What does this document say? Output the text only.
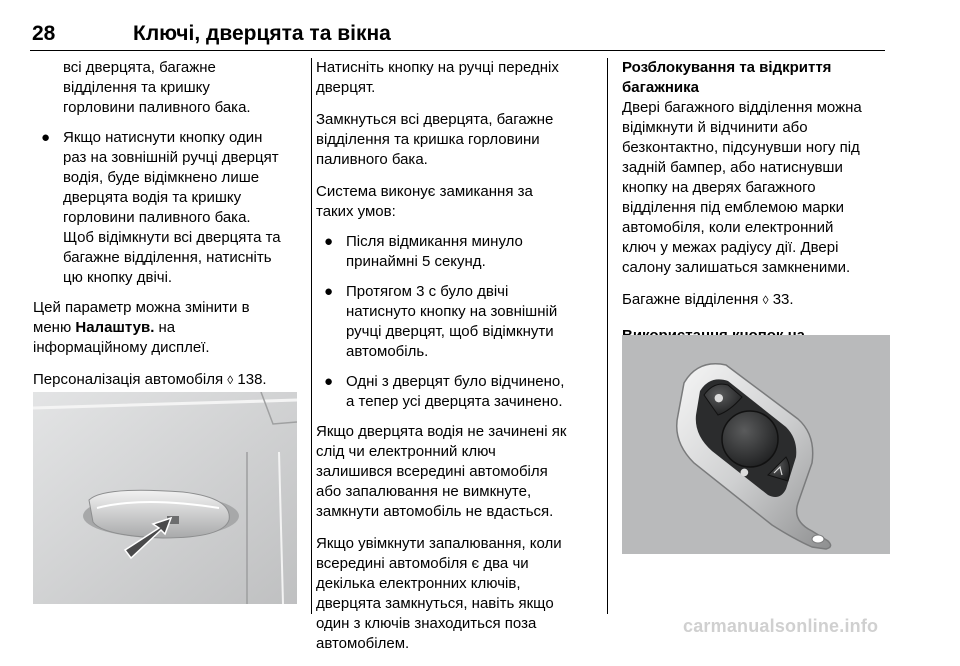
28	Ключі, дверцята та вікна
всі дверцята, багажне
відділення та кришку
горловини паливного бака.
● Якщо натиснути кнопку один
раз на зовнішній ручці дверцят
водія, буде відімкнено лише
дверцята водія та кришку
горловини паливного бака.
Щоб відімкнути всі дверцята та
багажне відділення, натисніть
цю кнопку двічі.

Цей параметр можна змінити в
меню Налаштув. на
інформаційному дисплеї.

Персоналізація автомобіля ◊ 138.

Натисніть кнопку на ручці передніх
дверцят.

Замкнуться всі дверцята, багажне
відділення та кришка горловини
паливного бака.

Система виконує замикання за
таких умов:

● Після відмикання минуло
принаймні 5 секунд.
● Протягом 3 с було двічі
натиснуто кнопку на зовнішній
ручці дверцят, щоб відімкнути
автомобіль.
● Одні з дверцят було відчинено,
а тепер усі дверцята зачинено.

Якщо дверцята водія не зачинені як
слід чи електронний ключ
залишився всередині автомобіля
або запалювання не вимкнуте,
замкнути автомобіль не вдасться.

Якщо увімкнути запалювання, коли
всередині автомобіля є два чи
декілька електронних ключів,
дверцята замкнуться, навіть якщо
один з ключів знаходиться поза
автомобілем.

Розблокування та відкриття
багажника

Двері багажного відділення можна
відімкнути й відчинити або
безконтактно, підсунувши ногу під
задній бампер, або натиснувши
кнопку на дверях багажного
відділення під емблемою марки
автомобіля, коли електронний
ключ у межах радіусу дії. Двері
салону залишаться замкненими.

Багажне відділення ◊ 33.

●
●
carmanualsonline.info
